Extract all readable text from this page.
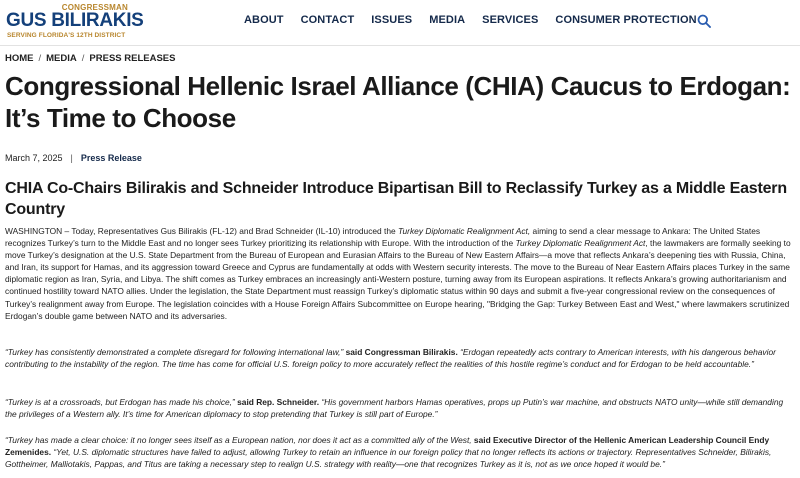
CONGRESSMAN
GUS BILIRAKIS
SERVING FLORIDA'S 12TH DISTRICT
ABOUT CONTACT ISSUES MEDIA SERVICES CONSUMER PROTECTION
HOME / MEDIA / PRESS RELEASES
Congressional Hellenic Israel Alliance (CHIA) Caucus to Erdogan: It’s Time to Choose
March 7, 2025 | Press Release
CHIA Co-Chairs Bilirakis and Schneider Introduce Bipartisan Bill to Reclassify Turkey as a Middle Eastern Country

WASHINGTON – Today, Representatives Gus Bilirakis (FL-12) and Brad Schneider (IL-10) introduced the Turkey Diplomatic Realignment Act, aiming to send a clear message to Ankara: The United States recognizes Turkey’s turn to the Middle East and no longer sees Turkey prioritizing its relationship with Europe. With the introduction of the Turkey Diplomatic Realignment Act, the lawmakers are formally seeking to move Turkey’s designation at the U.S. State Department from the Bureau of European and Eurasian Affairs to the Bureau of New Eastern Affairs—a move that reflects Ankara’s deepening ties with Russia, China, and Iran, its support for Hamas, and its aggression toward Greece and Cyprus are fundamentally at odds with Western security interests. The move to the Bureau of Near Eastern Affairs places Turkey in the same diplomatic region as Iran, Syria, and Libya. The shift comes as Turkey embraces an increasingly anti-Western posture, turning away from its European aspirations. It reflects Ankara’s growing authoritarianism and continued hostility toward NATO allies. Under the legislation, the State Department must reassign Turkey’s diplomatic status within 90 days and submit a five-year congressional review on the consequences of Turkey’s realignment away from Europe. The legislation coincides with a House Foreign Affairs Subcommittee on Europe hearing, "Bridging the Gap: Turkey Between East and West," where lawmakers scrutinized Erdogan’s double game between NATO and its adversaries.

“Turkey has consistently demonstrated a complete disregard for following international law,” said Congressman Bilirakis. “Erdogan repeatedly acts contrary to American interests, with his dangerous behavior contributing to the instability of the region. The time has come for official U.S. foreign policy to more accurately reflect the realities of this hostile regime’s conduct and for Erdogan to be held accountable.”

“Turkey is at a crossroads, but Erdogan has made his choice,” said Rep. Schneider. “His government harbors Hamas operatives, props up Putin’s war machine, and obstructs NATO unity—while still demanding the privileges of a Western ally. It’s time for American diplomacy to stop pretending that Turkey is still part of Europe.”

“Turkey has made a clear choice: it no longer sees itself as a European nation, nor does it act as a committed ally of the West, said Executive Director of the Hellenic American Leadership Council Endy Zemenides. “Yet, U.S. diplomatic structures have failed to adjust, allowing Turkey to retain an influence in our foreign policy that no longer reflects its actions or trajectory. Representatives Schneider, Bilirakis, Gottheimer, Malliotakis, Pappas, and Titus are taking a necessary step to realign U.S. strategy with reality—one that recognizes Turkey as it is, not as we once hoped it would be.”
